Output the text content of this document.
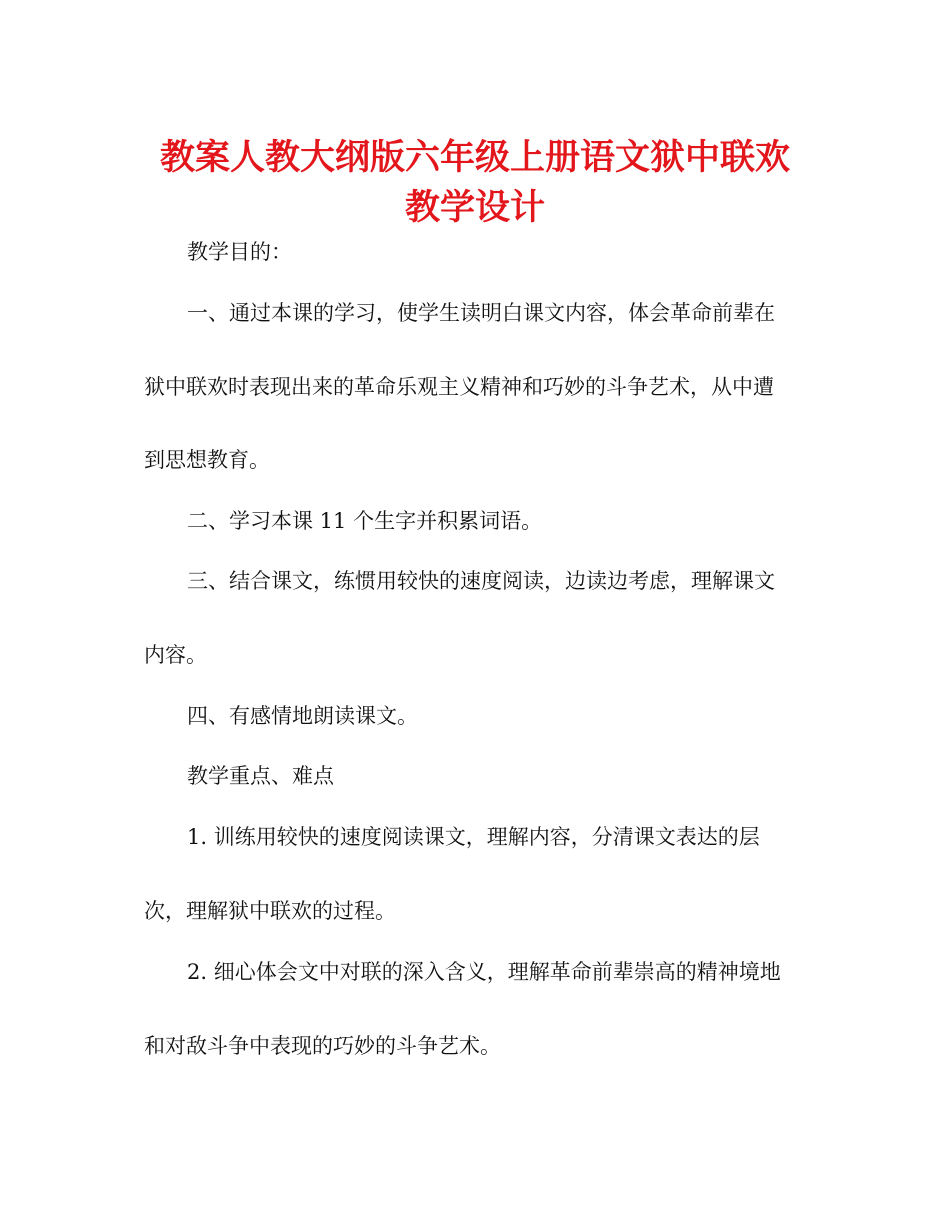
教案人教大纲版六年级上册语文狱中联欢
教学设计
教学目的：
一、通过本课的学习，使学生读明白课文内容，体会革命前辈在
狱中联欢时表现出来的革命乐观主义精神和巧妙的斗争艺术，从中遭
到思想教育。
二、学习本课 11 个生字并积累词语。
三、结合课文，练惯用较快的速度阅读，边读边考虑，理解课文
内容。
四、有感情地朗读课文。
教学重点、难点
1. 训练用较快的速度阅读课文，理解内容，分清课文表达的层
次，理解狱中联欢的过程。
2. 细心体会文中对联的深入含义，理解革命前辈崇高的精神境地
和对敌斗争中表现的巧妙的斗争艺术。
